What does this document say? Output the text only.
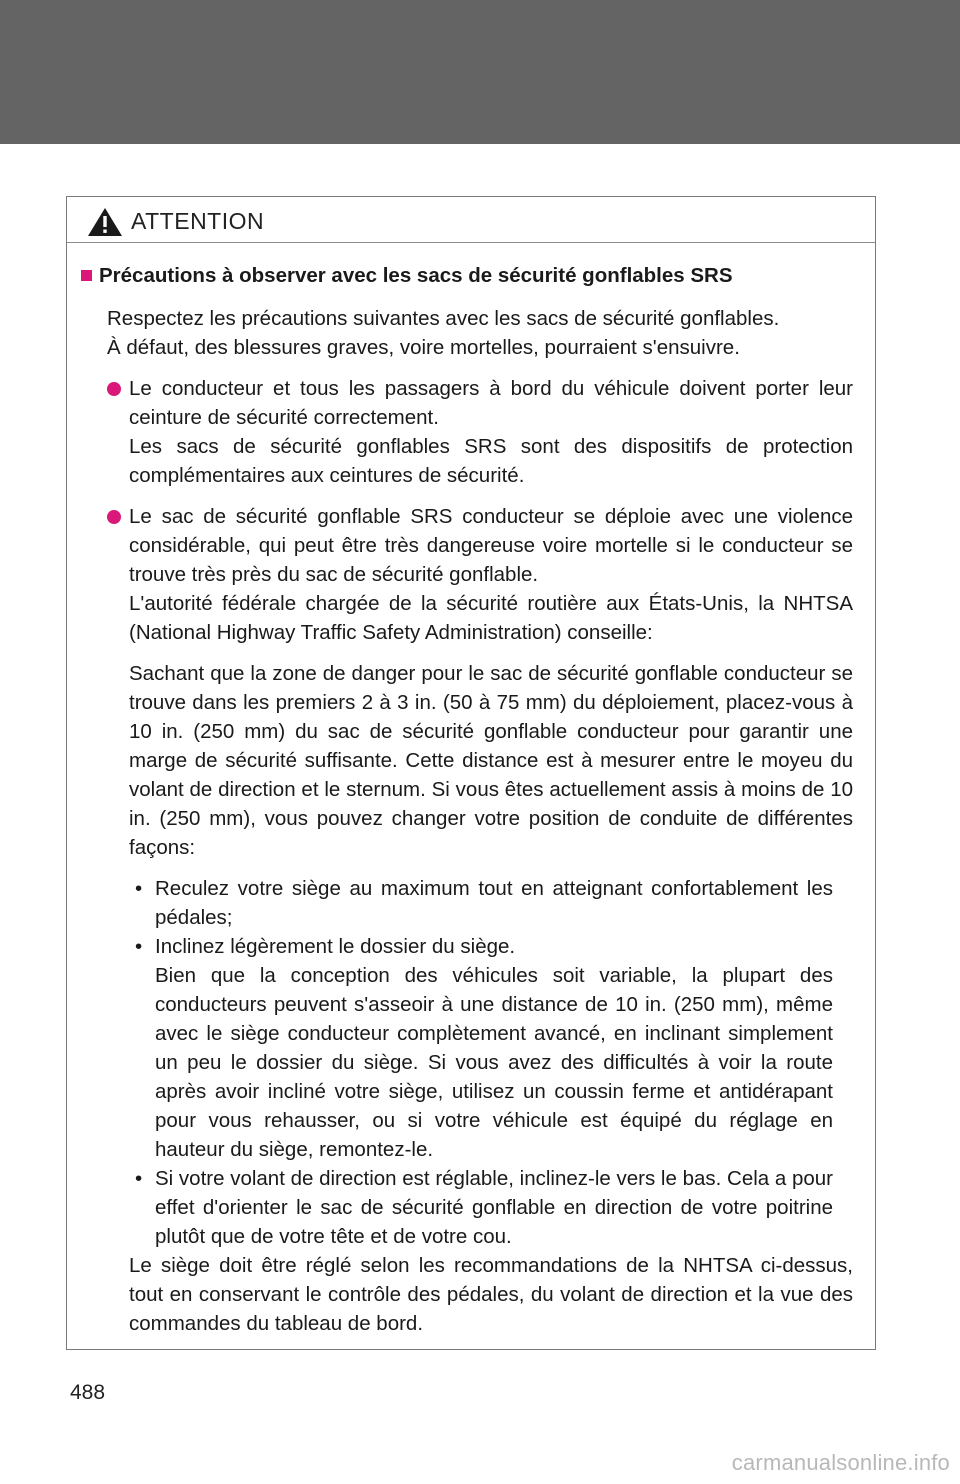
ATTENTION

Précautions à observer avec les sacs de sécurité gonflables SRS

Respectez les précautions suivantes avec les sacs de sécurité gonflables.

À défaut, des blessures graves, voire mortelles, pourraient s'ensuivre.

Le conducteur et tous les passagers à bord du véhicule doivent porter leur ceinture de sécurité correctement.

Les sacs de sécurité gonflables SRS sont des dispositifs de protection complémentaires aux ceintures de sécurité.

Le sac de sécurité gonflable SRS conducteur se déploie avec une violence considérable, qui peut être très dangereuse voire mortelle si le conducteur se trouve très près du sac de sécurité gonflable.

L'autorité fédérale chargée de la sécurité routière aux États-Unis, la NHTSA (National Highway Traffic Safety Administration) conseille:

Sachant que la zone de danger pour le sac de sécurité gonflable conducteur se trouve dans les premiers 2 à 3 in. (50 à 75 mm) du déploiement, placez-vous à 10 in. (250 mm) du sac de sécurité gonflable conducteur pour garantir une marge de sécurité suffisante. Cette distance est à mesurer entre le moyeu du volant de direction et le sternum. Si vous êtes actuellement assis à moins de 10 in. (250 mm), vous pouvez changer votre position de conduite de différentes façons:

• Reculez votre siège au maximum tout en atteignant confortablement les pédales;

• Inclinez légèrement le dossier du siège.

Bien que la conception des véhicules soit variable, la plupart des conducteurs peuvent s'asseoir à une distance de 10 in. (250 mm), même avec le siège conducteur complètement avancé, en inclinant simplement un peu le dossier du siège. Si vous avez des difficultés à voir la route après avoir incliné votre siège, utilisez un coussin ferme et antidérapant pour vous rehausser, ou si votre véhicule est équipé du réglage en hauteur du siège, remontez-le.

• Si votre volant de direction est réglable, inclinez-le vers le bas. Cela a pour effet d'orienter le sac de sécurité gonflable en direction de votre poitrine plutôt que de votre tête et de votre cou.

Le siège doit être réglé selon les recommandations de la NHTSA ci-dessus, tout en conservant le contrôle des pédales, du volant de direction et la vue des commandes du tableau de bord.

488
carmanualsonline.info
